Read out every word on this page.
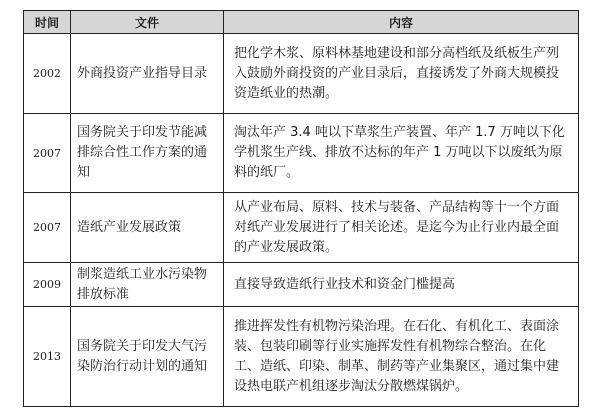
时间	文件	内容
2002	外商投资产业指导目录	把化学木浆、原料林基地建设和部分高档纸及纸板生产列入鼓励外商投资的产业目录后，直接诱发了外商大规模投资造纸业的热潮。
2007	国务院关于印发节能减排综合性工作方案的通知	淘汰年产 3.4 吨以下草浆生产装置、年产 1.7 万吨以下化学机浆生产线、排放不达标的年产 1 万吨以下以废纸为原料的纸厂。
2007	造纸产业发展政策	从产业布局、原料、技术与装备、产品结构等十一个方面对纸产业发展进行了相关论述。是迄今为止行业内最全面的产业发展政策。
2009	制浆造纸工业水污染物排放标准	直接导致造纸行业技术和资金门槛提高
2013	国务院关于印发大气污染防治行动计划的通知	推进挥发性有机物污染治理。在石化、有机化工、表面涂装、包装印刷等行业实施挥发性有机物综合整治。在化工、造纸、印染、制革、制药等产业集聚区，通过集中建设热电联产机组逐步淘汰分散燃煤锅炉。
